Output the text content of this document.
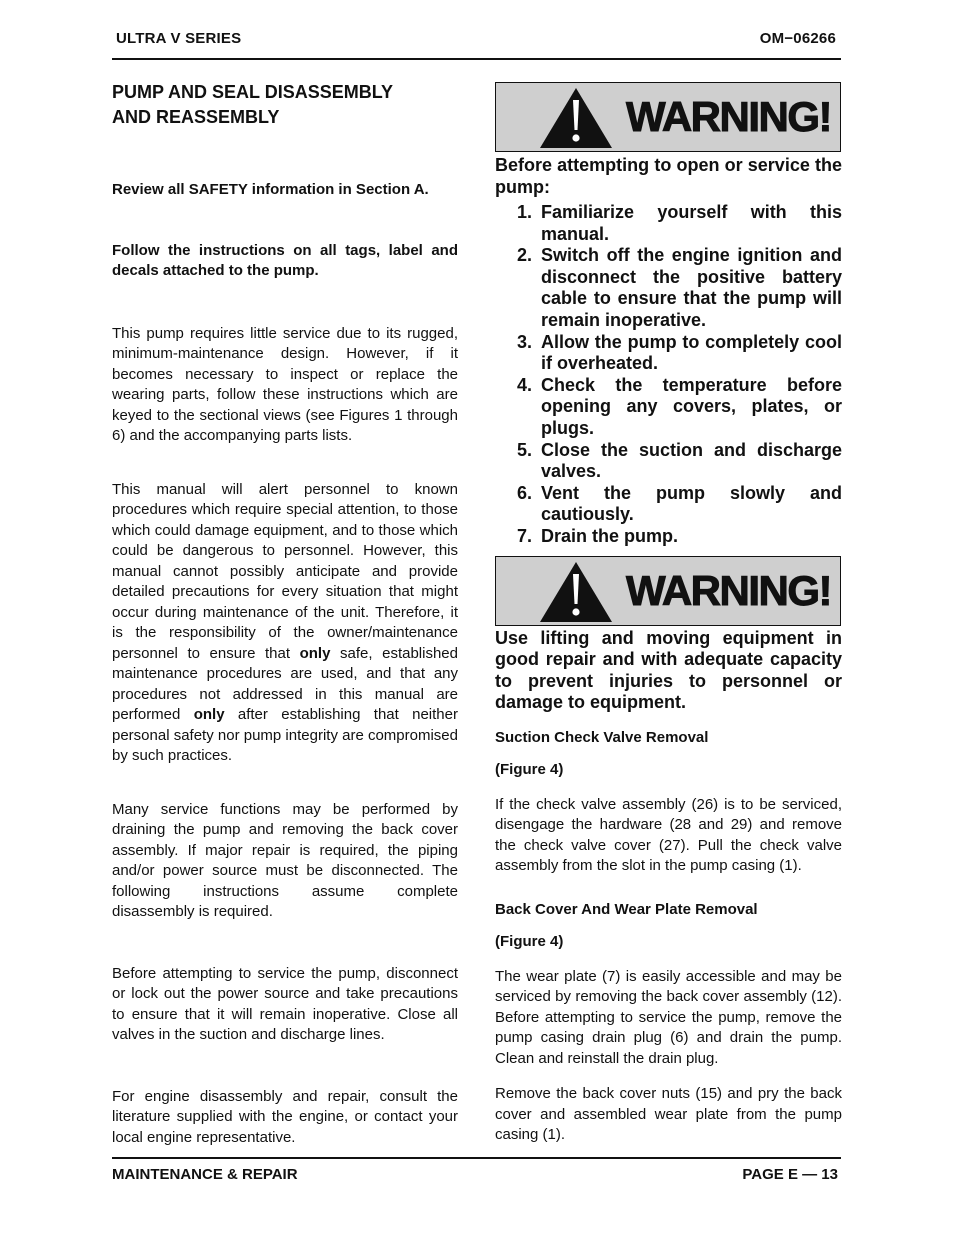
ULTRA V SERIES	OM−06266
PUMP AND SEAL DISASSEMBLY
AND REASSEMBLY
Review all SAFETY information in Section A.
Follow the instructions on all tags, label and decals attached to the pump.
This pump requires little service due to its rugged, minimum-maintenance design. However, if it becomes necessary to inspect or replace the wearing parts, follow these instructions which are keyed to the sectional views (see Figures 1 through 6) and the accompanying parts lists.
This manual will alert personnel to known procedures which require special attention, to those which could damage equipment, and to those which could be dangerous to personnel. However, this manual cannot possibly anticipate and provide detailed precautions for every situation that might occur during maintenance of the unit. Therefore, it is the responsibility of the owner/maintenance personnel to ensure that only safe, established maintenance procedures are used, and that any procedures not addressed in this manual are performed only after establishing that neither personal safety nor pump integrity are compromised by such practices.
Many service functions may be performed by draining the pump and removing the back cover assembly. If major repair is required, the piping and/or power source must be disconnected. The following instructions assume complete disassembly is required.
Before attempting to service the pump, disconnect or lock out the power source and take precautions to ensure that it will remain inoperative. Close all valves in the suction and discharge lines.
For engine disassembly and repair, consult the literature supplied with the engine, or contact your local engine representative.
WARNING!
Before attempting to open or service the pump:
1. Familiarize yourself with this manual.
2. Switch off the engine ignition and disconnect the positive battery cable to ensure that the pump will remain inoperative.
3. Allow the pump to completely cool if overheated.
4. Check the temperature before opening any covers, plates, or plugs.
5. Close the suction and discharge valves.
6. Vent the pump slowly and cautiously.
7. Drain the pump.
WARNING!
Use lifting and moving equipment in good repair and with adequate capacity to prevent injuries to personnel or damage to equipment.
Suction Check Valve Removal
(Figure 4)
If the check valve assembly (26) is to be serviced, disengage the hardware (28 and 29) and remove the check valve cover (27). Pull the check valve assembly from the slot in the pump casing (1).
Back Cover And Wear Plate Removal
(Figure 4)
The wear plate (7) is easily accessible and may be serviced by removing the back cover assembly (12). Before attempting to service the pump, remove the pump casing drain plug (6) and drain the pump. Clean and reinstall the drain plug.
Remove the back cover nuts (15) and pry the back cover and assembled wear plate from the pump casing (1).
MAINTENANCE & REPAIR	PAGE E — 13
